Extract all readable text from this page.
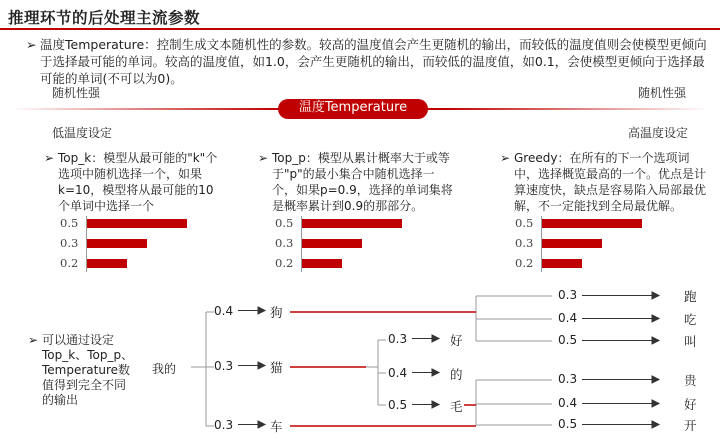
推理环节的后处理主流参数
➢ 温度Temperature：控制生成文本随机性的参数。较高的温度值会产生更随机的输出，而较低的温度值则会使模型更倾向于选择最可能的单词。较高的温度值，如1.0，会产生更随机的输出，而较低的温度值，如0.1，会使模型更倾向于选择最可能的单词(不可以为0)。
随机性强	随机性强
温度Temperature
低温度设定	高温度设定
➢ Top_k：模型从最可能的"k"个选项中随机选择一个，如果k=10，模型将从最可能的10个单词中选择一个
➢ Top_p：模型从累计概率大于或等于"p"的最小集合中随机选择一个，如果p=0.9，选择的单词集将是概率累计到0.9的那部分。
➢ Greedy：在所有的下一个选项词中，选择概览最高的一个。优点是计算速度快，缺点是容易陷入局部最优解，不一定能找到全局最优解。
0.5
0.3
0.2
0.5
0.3
0.2
0.5
0.3
0.2
➢ 可以通过设定Top_k、Top_p、Temperature数值得到完全不同的输出
我的
0.4	狗
0.3	猫
0.3	车
0.3	好
0.4	的
0.5	毛
0.3	跑
0.4	吃
0.5	叫
0.3	贵
0.4	好
0.5	开
